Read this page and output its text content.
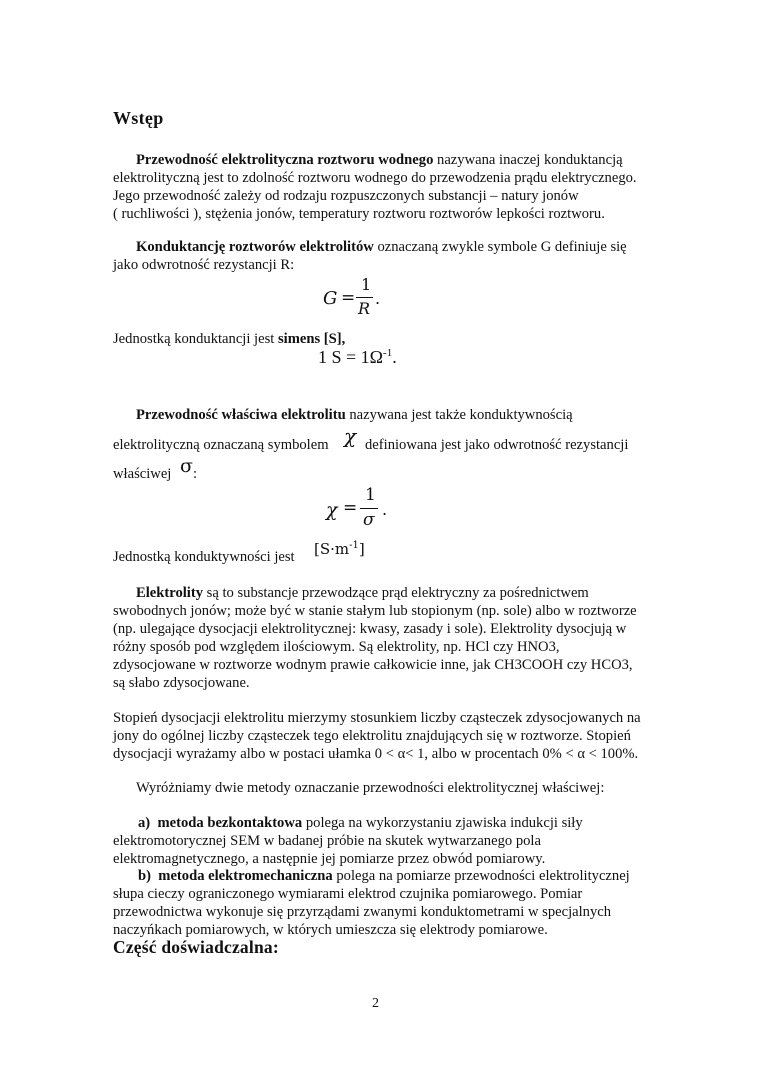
Wstęp
Przewodność elektrolityczna roztworu wodnego nazywana inaczej konduktancją
elektrolityczną jest to zdolność roztworu wodnego do przewodzenia prądu elektrycznego.
Jego przewodność zależy od rodzaju rozpuszczonych substancji – natury jonów
( ruchliwości ), stężenia jonów, temperatury roztworu roztworów lepkości roztworu.
Konduktancję roztworów elektrolitów oznaczaną zwykle symbole G definiuje się
jako odwrotność rezystancji R:
G =
1
R
.
Jednostką konduktancji jest simens [S],
1 $S = 1\Omega^{-1}$.
Przewodność właściwa elektrolitu nazywana jest także konduktywnością
elektrolityczną oznaczaną symbolem χ definiowana jest jako odwrotność rezystancji
właściwej σ :
χ =
1
σ
.
Jednostką konduktywności jest $[S\cdot m^{-1}]$
Elektrolity są to substancje przewodzące prąd elektryczny za pośrednictwem
swobodnych jonów; może być w stanie stałym lub stopionym (np. sole) albo w roztworze
(np. ulegające dysocjacji elektrolitycznej: kwasy, zasady i sole). Elektrolity dysocjują w
różny sposób pod względem ilościowym. Są elektrolity, np. HCl czy HNO3,
zdysocjowane w roztworze wodnym prawie całkowicie inne, jak CH3COOH czy HCO3,
są słabo zdysocjowane.
Stopień dysocjacji elektrolitu mierzymy stosunkiem liczby cząsteczek zdysocjowanych na
jony do ogólnej liczby cząsteczek tego elektrolitu znajdujących się w roztworze. Stopień
dysocjacji wyrażamy albo w postaci ułamka 0 < α< 1, albo w procentach 0% < α < 100%.
Wyróżniamy dwie metody oznaczanie przewodności elektrolitycznej właściwej:
a) metoda bezkontaktowa polega na wykorzystaniu zjawiska indukcji siły
elektromotorycznej SEM w badanej próbie na skutek wytwarzanego pola
elektromagnetycznego, a następnie jej pomiarze przez obwód pomiarowy.
b) metoda elektromechaniczna polega na pomiarze przewodności elektrolitycznej
słupa cieczy ograniczonego wymiarami elektrod czujnika pomiarowego. Pomiar
przewodnictwa wykonuje się przyrządami zwanymi konduktometrami w specjalnych
naczyńkach pomiarowych, w których umieszcza się elektrody pomiarowe.
Część doświadczalna:
2
